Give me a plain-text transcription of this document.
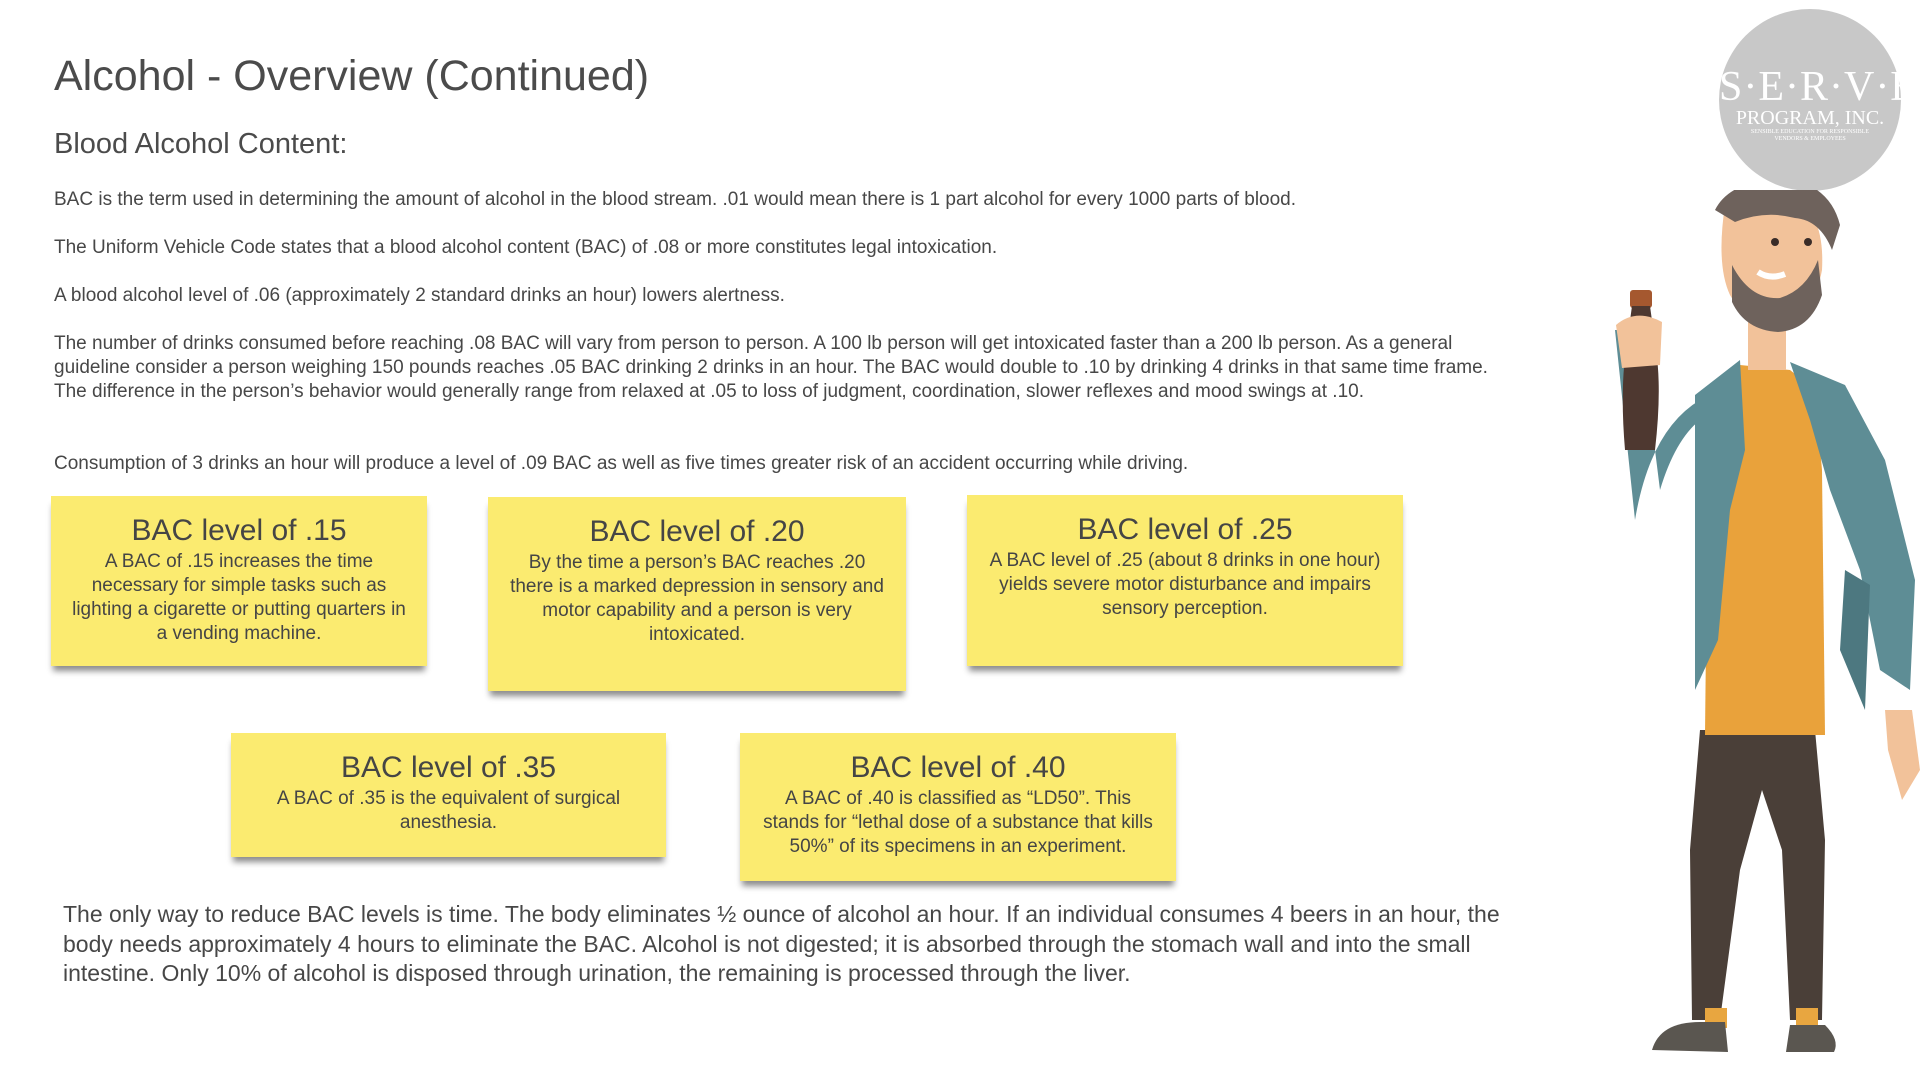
Alcohol - Overview (Continued)
Blood Alcohol Content:

BAC is the term used in determining the amount of alcohol in the blood stream. .01 would mean there is 1 part alcohol for every 1000 parts of blood.

The Uniform Vehicle Code states that a blood alcohol content (BAC) of .08 or more constitutes legal intoxication.

A blood alcohol level of .06 (approximately 2 standard drinks an hour) lowers alertness.

The number of drinks consumed before reaching .08 BAC will vary from person to person. A 100 lb person will get intoxicated faster than a 200 lb person. As a general guideline consider a person weighing 150 pounds reaches .05 BAC drinking 2 drinks in an hour. The BAC would double to .10 by drinking 4 drinks in that same time frame. The difference in the person’s behavior would generally range from relaxed at .05 to loss of judgment, coordination, slower reflexes and mood swings at .10.

Consumption of 3 drinks an hour will produce a level of .09 BAC as well as five times greater risk of an accident occurring while driving.

BAC level of .15

A BAC of .15 increases the time necessary for simple tasks such as lighting a cigarette or putting quarters in a vending machine.

BAC level of .20

By the time a person’s BAC reaches .20 there is a marked depression in sensory and motor capability and a person is very intoxicated.

BAC level of .25

A BAC level of .25 (about 8 drinks in one hour) yields severe motor disturbance and impairs sensory perception.

BAC level of .35

A BAC of .35 is the equivalent of surgical anesthesia.

BAC level of .40

A BAC of .40 is classified as “LD50”. This stands for “lethal dose of a substance that kills 50%” of its specimens in an experiment.

The only way to reduce BAC levels is time. The body eliminates ½ ounce of alcohol an hour. If an individual consumes 4 beers in an hour, the body needs approximately 4 hours to eliminate the BAC. Alcohol is not digested; it is absorbed through the stomach wall and into the small intestine. Only 10% of alcohol is disposed through urination, the remaining is processed through the liver.

S·E·R·V·E
PROGRAM, INC.
SENSIBLE EDUCATION FOR RESPONSIBLE VENDORS & EMPLOYEES
